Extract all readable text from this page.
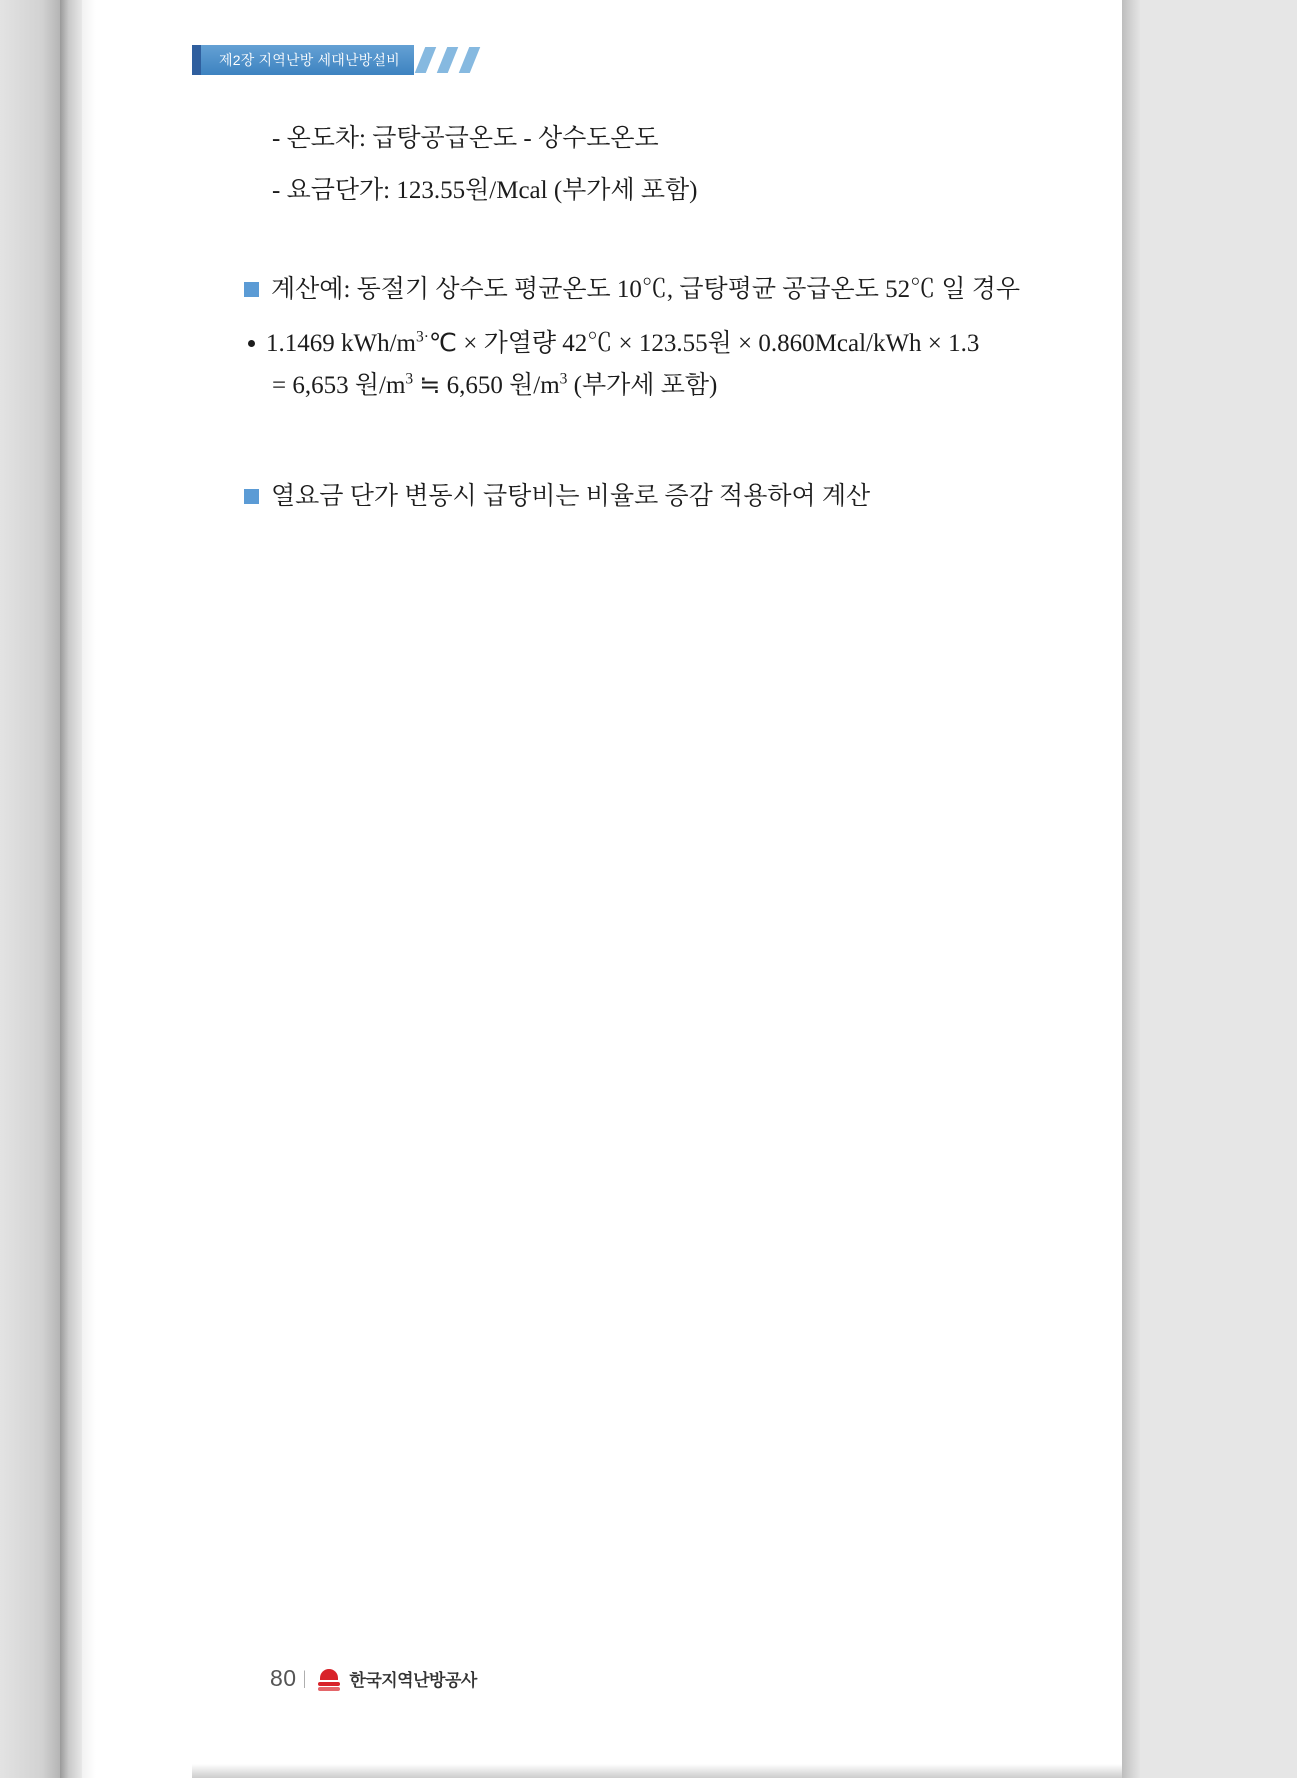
제2장 지역난방 세대난방설비

- 온도차: 급탕공급온도 - 상수도온도

- 요금단가: 123.55원/Mcal (부가세 포함)

계산예: 동절기 상수도 평균온도 10℃, 급탕평균 공급온도 52℃ 일 경우
1.1469 kWh/$m^{3\cdot}℃$ × 가열량 42℃ × 123.55원 × 0.860Mcal/kWh × 1.3
= 6,653 원$/m^3$ ≒ 6,650 원$/m^3$ (부가세 포함)
열요금 단가 변동시 급탕비는 비율로 증감 적용하여 계산
80 |	한국지역난방공사
